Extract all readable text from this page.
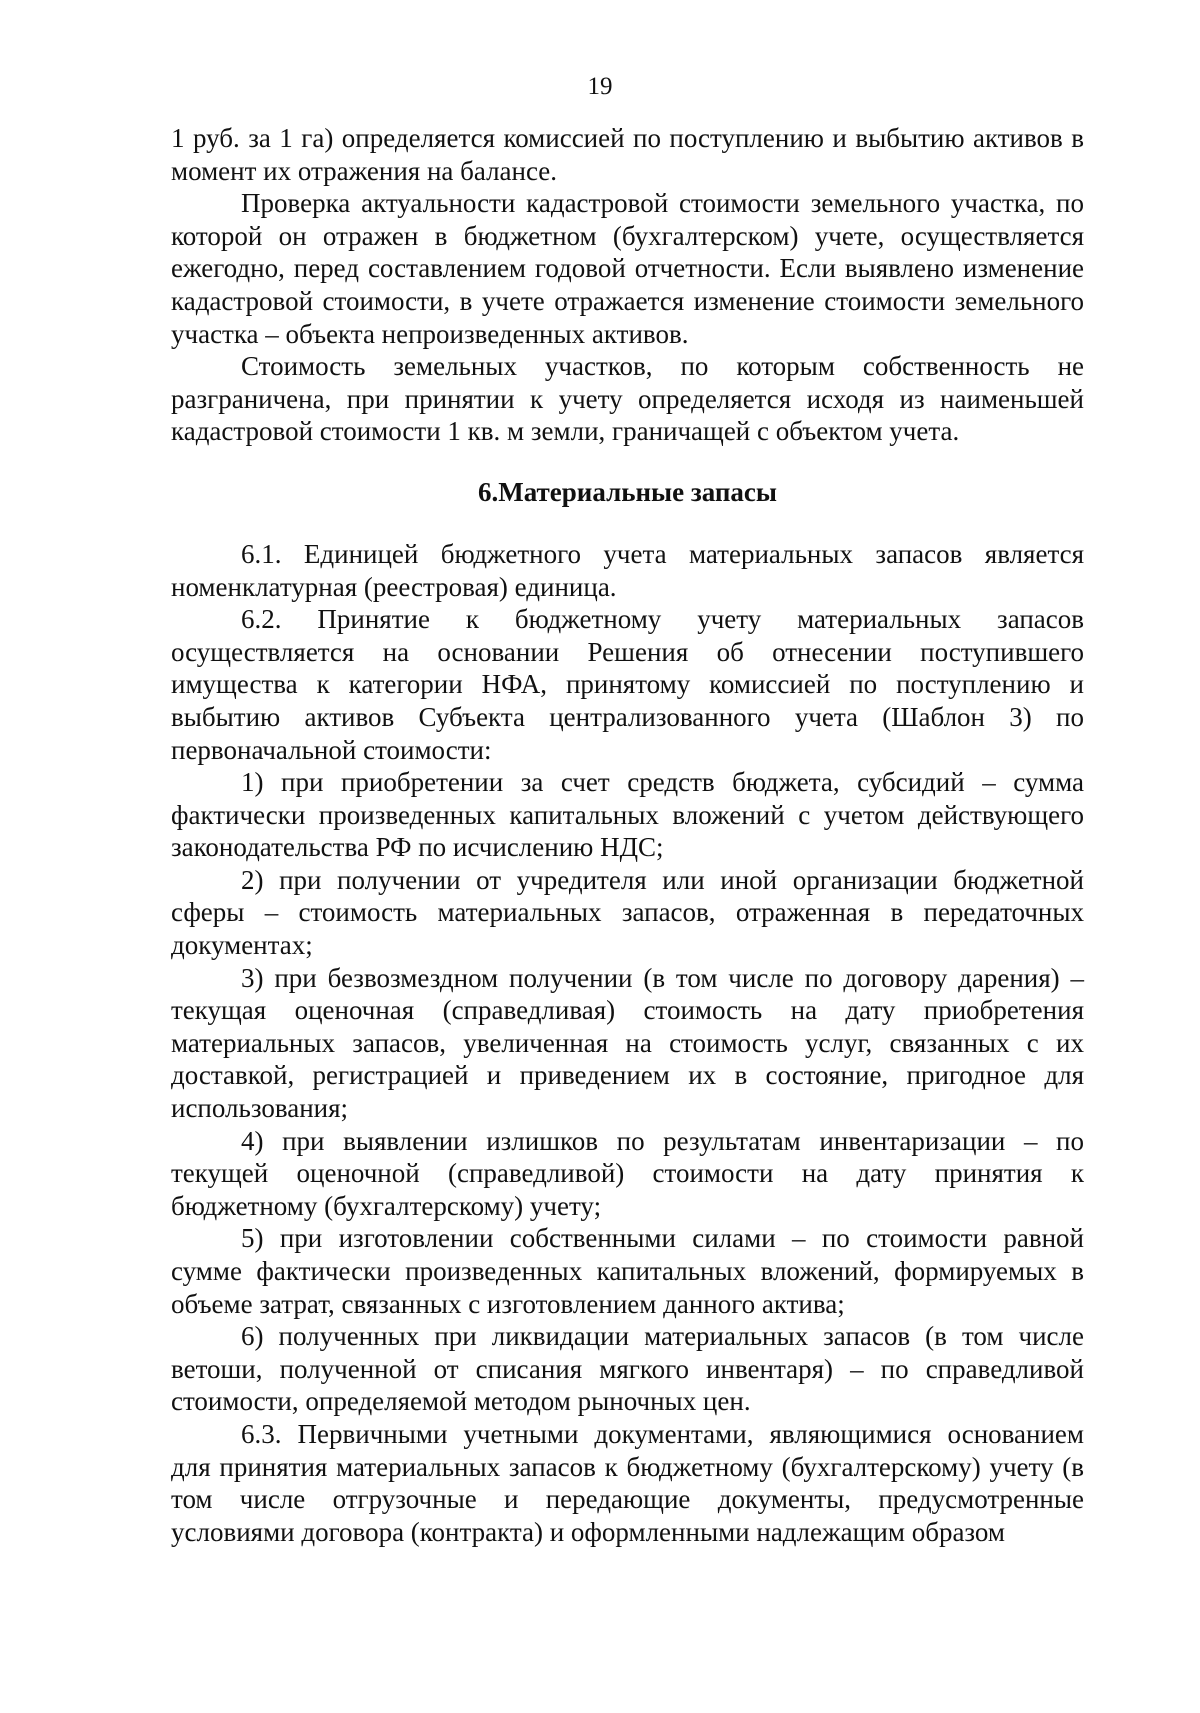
19

1 руб. за 1 га) определяется комиссией по поступлению и выбытию активов в момент их отражения на балансе.

Проверка актуальности кадастровой стоимости земельного участка, по которой он отражен в бюджетном (бухгалтерском) учете, осуществляется ежегодно, перед составлением годовой отчетности. Если выявлено изменение кадастровой стоимости, в учете отражается изменение стоимости земельного участка – объекта непроизведенных активов.

Стоимость земельных участков, по которым собственность не разграничена, при принятии к учету определяется исходя из наименьшей кадастровой стоимости 1 кв. м земли, граничащей с объектом учета.

6.Материальные запасы

6.1. Единицей бюджетного учета материальных запасов является номенклатурная (реестровая) единица.

6.2. Принятие к бюджетному учету материальных запасов осуществляется на основании Решения об отнесении поступившего имущества к категории НФА, принятому комиссией по поступлению и выбытию активов Субъекта централизованного учета (Шаблон 3) по первоначальной стоимости:

1) при приобретении за счет средств бюджета, субсидий – сумма фактически произведенных капитальных вложений с учетом действующего законодательства РФ по исчислению НДС;

2) при получении от учредителя или иной организации бюджетной сферы – стоимость материальных запасов, отраженная в передаточных документах;

3) при безвозмездном получении (в том числе по договору дарения) – текущая оценочная (справедливая) стоимость на дату приобретения материальных запасов, увеличенная на стоимость услуг, связанных с их доставкой, регистрацией и приведением их в состояние, пригодное для использования;

4) при выявлении излишков по результатам инвентаризации – по текущей оценочной (справедливой) стоимости на дату принятия к бюджетному (бухгалтерскому) учету;

5) при изготовлении собственными силами – по стоимости равной сумме фактически произведенных капитальных вложений, формируемых в объеме затрат, связанных с изготовлением данного актива;

6) полученных при ликвидации материальных запасов (в том числе ветоши, полученной от списания мягкого инвентаря) – по справедливой стоимости, определяемой методом рыночных цен.

6.3. Первичными учетными документами, являющимися основанием для принятия материальных запасов к бюджетному (бухгалтерскому) учету (в том числе отгрузочные и передающие документы, предусмотренные условиями договора (контракта) и оформленными надлежащим образом
